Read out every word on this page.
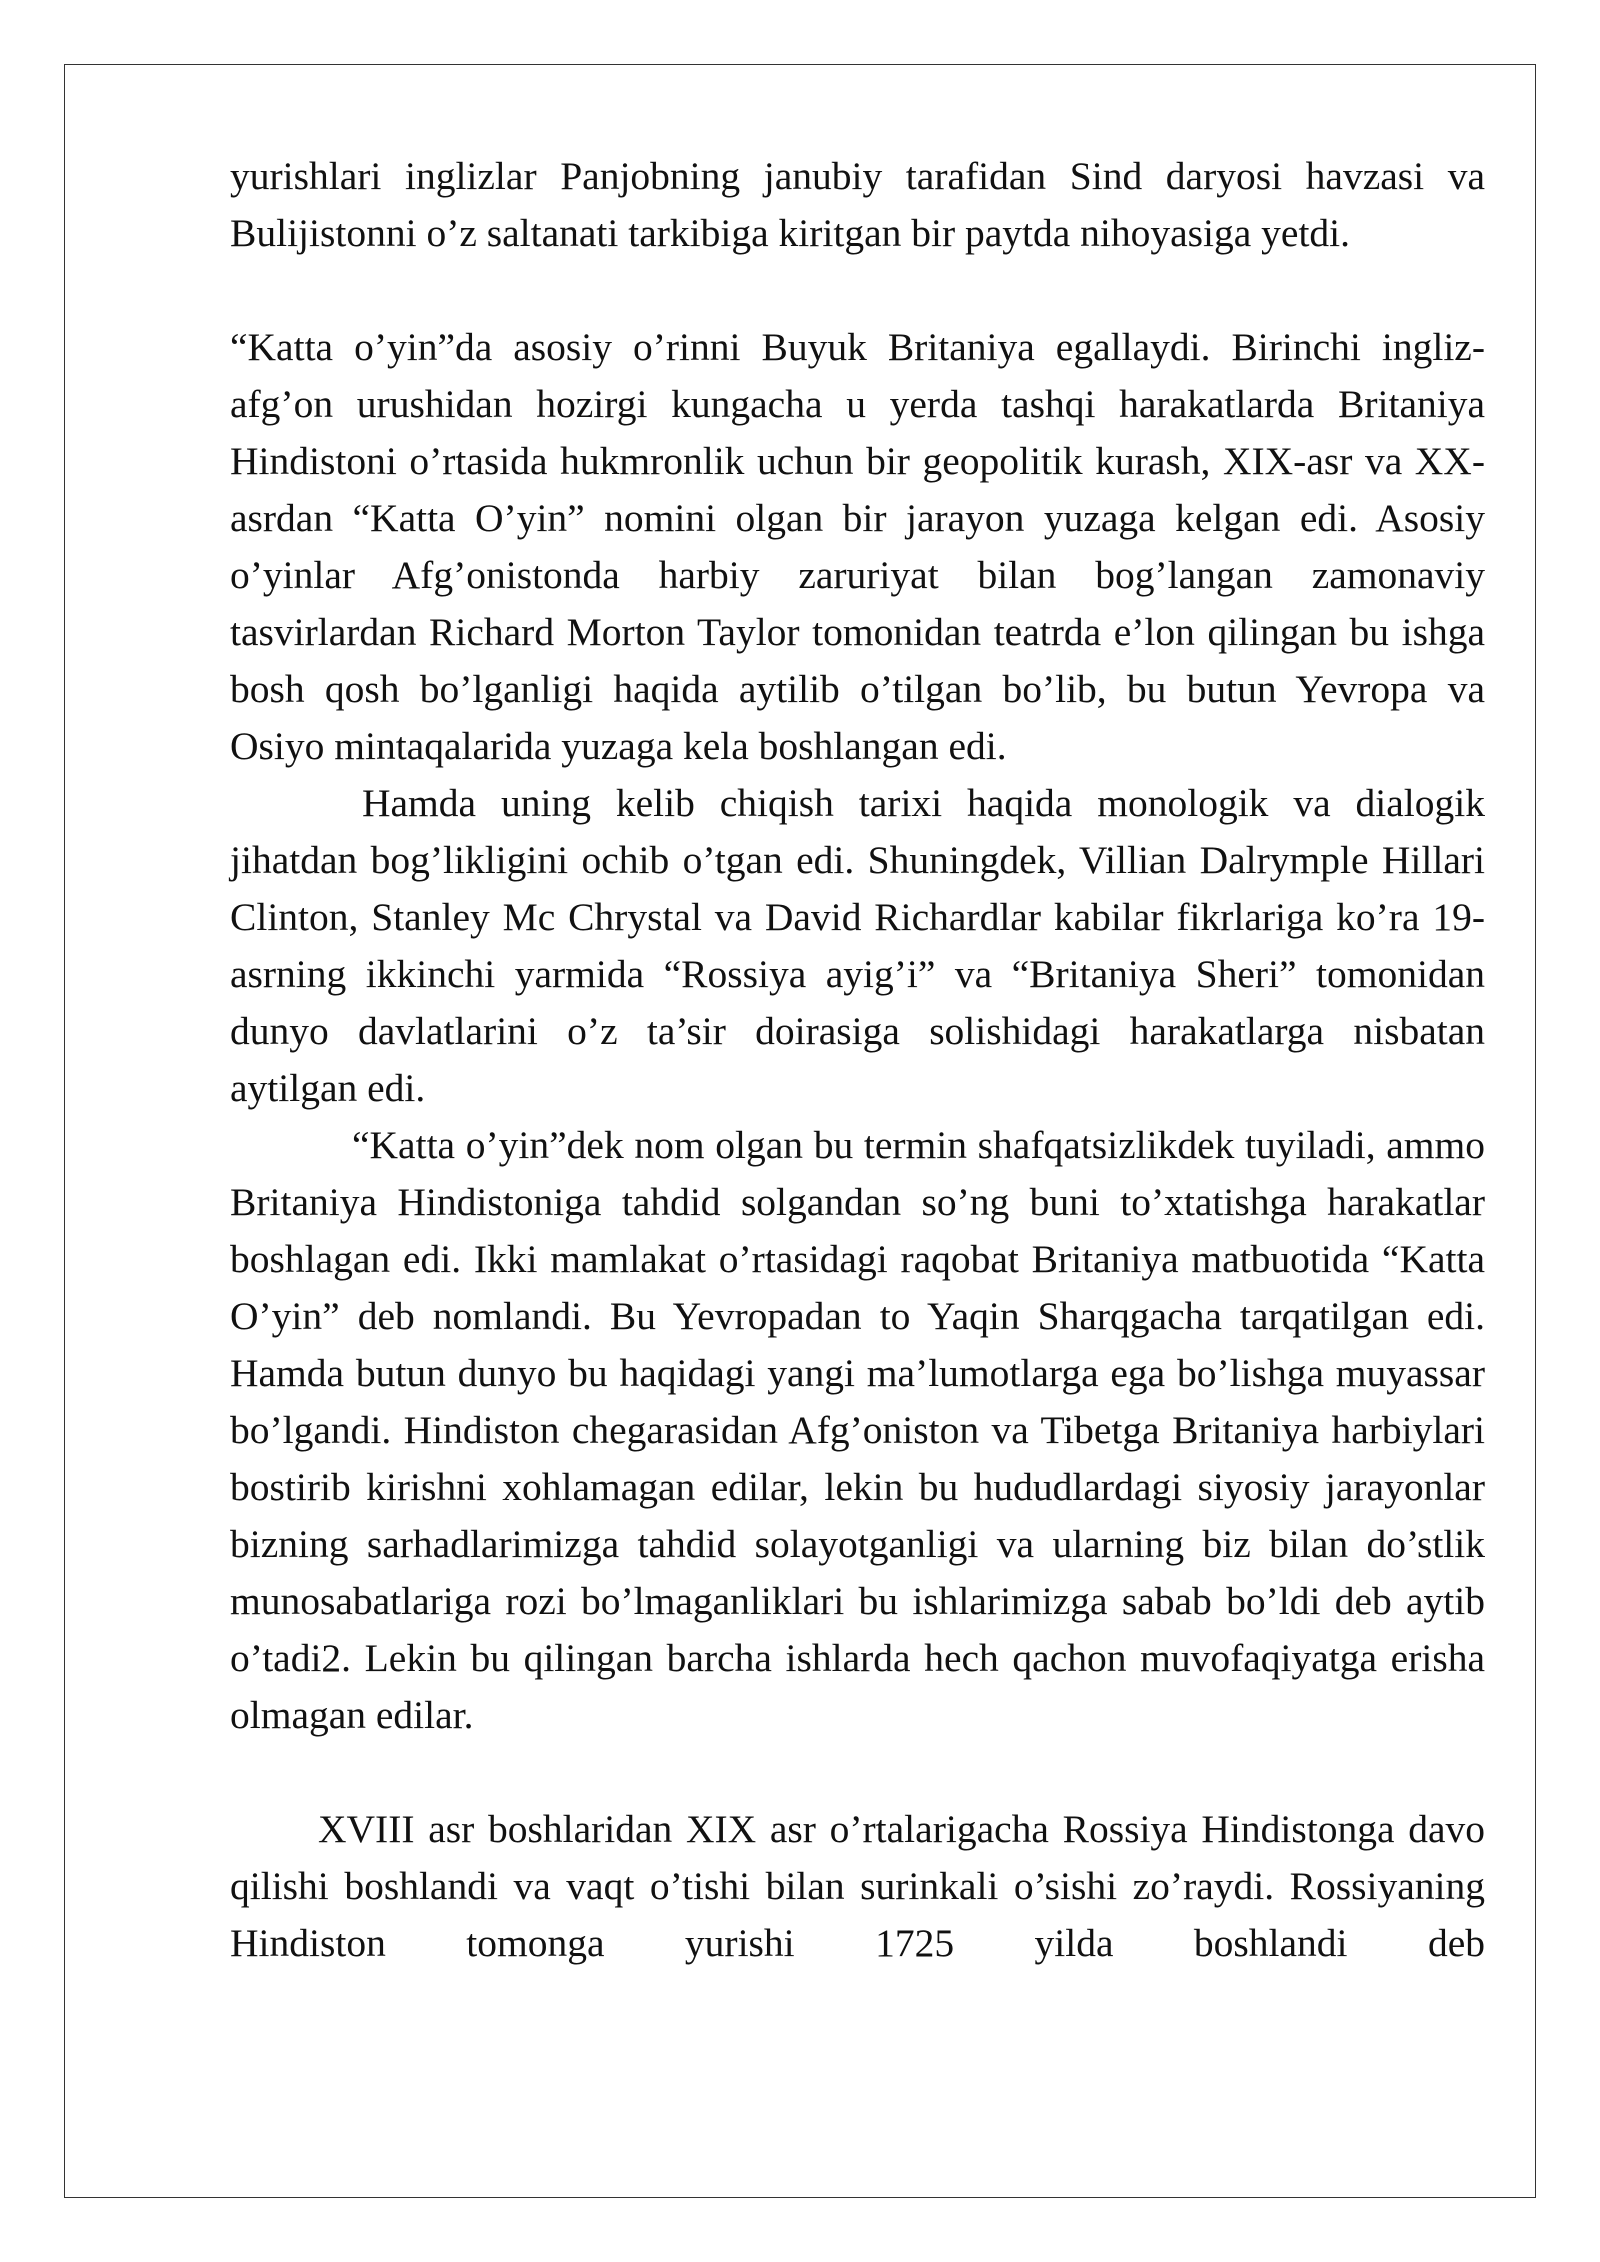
yurishlari inglizlar Panjobning janubiy tarafidan Sind daryosi havzasi va Bulijistonni o’z saltanati tarkibiga kiritgan bir paytda nihoyasiga yetdi.

“Katta o’yin”da asosiy o’rinni Buyuk Britaniya egallaydi. Birinchi ingliz-afg’on urushidan hozirgi kungacha u yerda tashqi harakatlarda Britaniya Hindistoni o’rtasida hukmronlik uchun bir geopolitik kurash, XIX-asr va XX-asrdan “Katta O’yin” nomini olgan bir jarayon yuzaga kelgan edi. Asosiy o’yinlar Afg’onistonda harbiy zaruriyat bilan bog’langan zamonaviy tasvirlardan Richard Morton Taylor tomonidan teatrda e’lon qilingan bu ishga bosh qosh bo’lganligi haqida aytilib o’tilgan bo’lib, bu butun Yevropa va Osiyo mintaqalarida yuzaga kela boshlangan edi.

Hamda uning kelib chiqish tarixi haqida monologik va dialogik jihatdan bog’likligini ochib o’tgan edi. Shuningdek, Villian Dalrymple Hillari Clinton, Stanley Mc Chrystal va David Richardlar kabilar fikrlariga ko’ra 19- asrning ikkinchi yarmida “Rossiya ayig’i” va “Britaniya Sheri” tomonidan dunyo davlatlarini o’z ta’sir doirasiga solishidagi harakatlarga nisbatan aytilgan edi.

“Katta o’yin”dek nom olgan bu termin shafqatsizlikdek tuyiladi, ammo Britaniya Hindistoniga tahdid solgandan so’ng buni to’xtatishga harakatlar boshlagan edi. Ikki mamlakat o’rtasidagi raqobat Britaniya matbuotida “Katta O’yin” deb nomlandi. Bu Yevropadan to Yaqin Sharqgacha tarqatilgan edi. Hamda butun dunyo bu haqidagi yangi ma’lumotlarga ega bo’lishga muyassar bo’lgandi. Hindiston chegarasidan Afg’oniston va Tibetga Britaniya harbiylari bostirib kirishni xohlamagan edilar, lekin bu hududlardagi siyosiy jarayonlar bizning sarhadlarimizga tahdid solayotganligi va ularning biz bilan do’stlik munosabatlariga rozi bo’lmaganliklari bu ishlarimizga sabab bo’ldi deb aytib o’tadi2. Lekin bu qilingan barcha ishlarda hech qachon muvofaqiyatga erisha olmagan edilar.

XVIII asr boshlaridan XIX asr o’rtalarigacha Rossiya Hindistonga davo qilishi boshlandi va vaqt o’tishi bilan surinkali o’sishi zo’raydi. Rossiyaning Hindiston tomonga yurishi 1725 yilda boshlandi deb
